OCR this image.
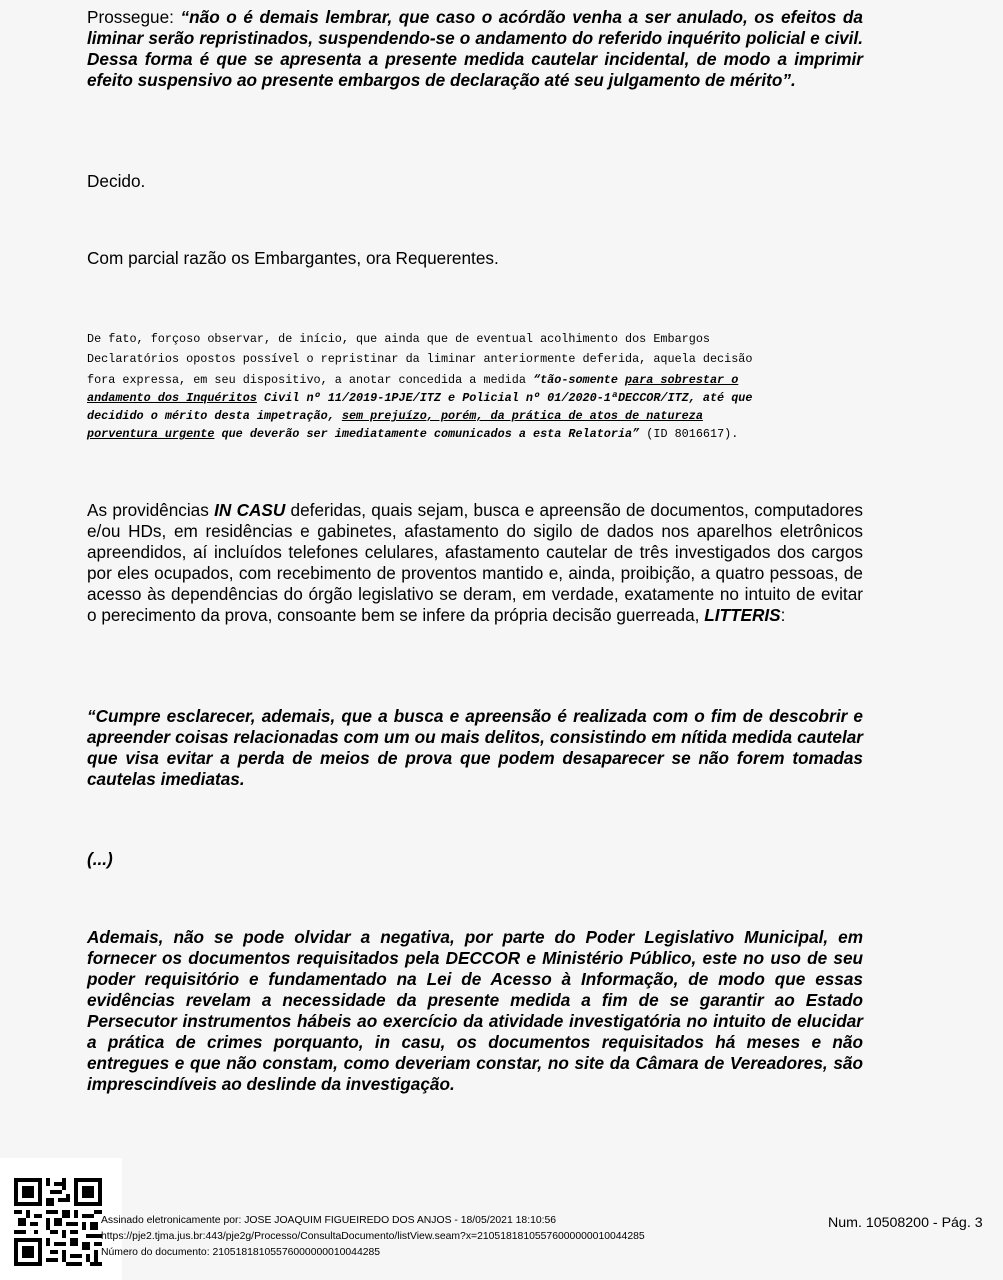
Prossegue: “não o é demais lembrar, que caso o acórdão venha a ser anulado, os efeitos da liminar serão repristinados, suspendendo-se o andamento do referido inquérito policial e civil. Dessa forma é que se apresenta a presente medida cautelar incidental, de modo a imprimir efeito suspensivo ao presente embargos de declaração até seu julgamento de mérito”.

Decido.

Com parcial razão os Embargantes, ora Requerentes.

De fato, forçoso observar, de início, que ainda que de eventual acolhimento dos Embargos
Declaratórios opostos possível o repristinar da liminar anteriormente deferida, aquela decisão
fora expressa, em seu dispositivo, a anotar concedida a medida “tão-somente para sobrestar o
andamento dos Inquéritos Civil nº 11/2019-1PJE/ITZ e Policial nº 01/2020-1ªDECCOR/ITZ, até que
decidido o mérito desta impetração, sem prejuízo, porém, da prática de atos de natureza
porventura urgente que deverão ser imediatamente comunicados a esta Relatoria” (ID 8016617).

As providências IN CASU deferidas, quais sejam, busca e apreensão de documentos, computadores e/ou HDs, em residências e gabinetes, afastamento do sigilo de dados nos aparelhos eletrônicos apreendidos, aí incluídos telefones celulares, afastamento cautelar de três investigados dos cargos por eles ocupados, com recebimento de proventos mantido e, ainda, proibição, a quatro pessoas, de acesso às dependências do órgão legislativo se deram, em verdade, exatamente no intuito de evitar o perecimento da prova, consoante bem se infere da própria decisão guerreada, LITTERIS:

“Cumpre esclarecer, ademais, que a busca e apreensão é realizada com o fim de descobrir e apreender coisas relacionadas com um ou mais delitos, consistindo em nítida medida cautelar que visa evitar a perda de meios de prova que podem desaparecer se não forem tomadas cautelas imediatas.

(...)

Ademais, não se pode olvidar a negativa, por parte do Poder Legislativo Municipal, em fornecer os documentos requisitados pela DECCOR e Ministério Público, este no uso de seu poder requisitório e fundamentado na Lei de Acesso à Informação, de modo que essas evidências revelam a necessidade da presente medida a fim de se garantir ao Estado Persecutor instrumentos hábeis ao exercício da atividade investigatória no intuito de elucidar a prática de crimes porquanto, in casu, os documentos requisitados há meses e não entregues e que não constam, como deveriam constar, no site da Câmara de Vereadores, são imprescindíveis ao deslinde da investigação.

Assinado eletronicamente por: JOSE JOAQUIM FIGUEIREDO DOS ANJOS - 18/05/2021 18:10:56
https://pje2.tjma.jus.br:443/pje2g/Processo/ConsultaDocumento/listView.seam?x=21051818105576000000010044285
Número do documento: 21051818105576000000010044285
Num. 10508200 - Pág. 3
